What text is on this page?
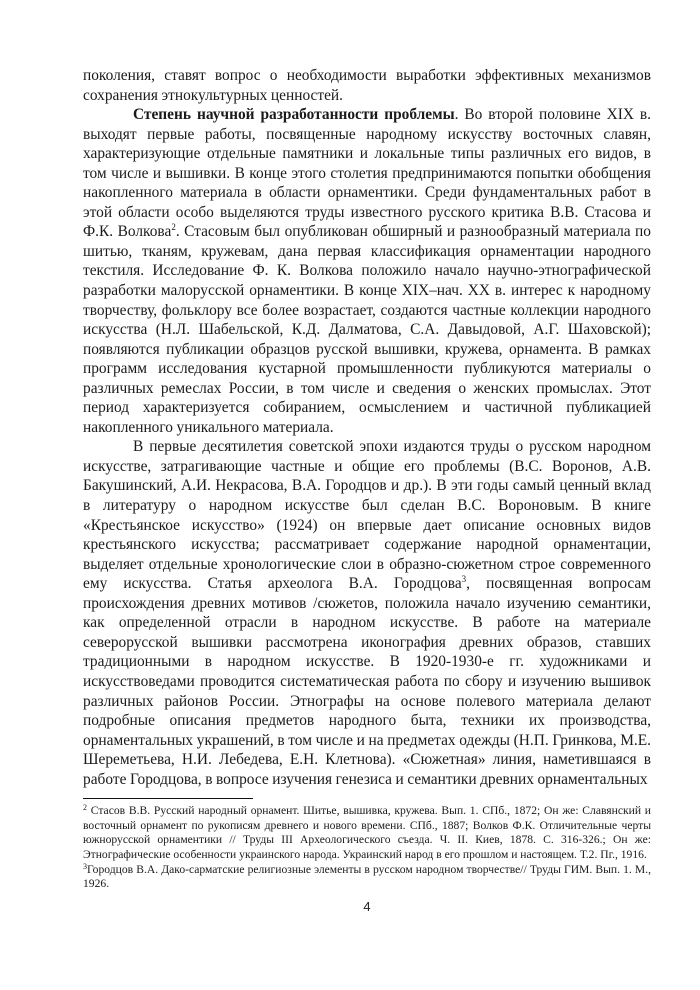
поколения, ставят вопрос о необходимости выработки эффективных механизмов сохранения этнокультурных ценностей.

Степень научной разработанности проблемы. Во второй половине XIX в. выходят первые работы, посвященные народному искусству восточных славян, характеризующие отдельные памятники и локальные типы различных его видов, в том числе и вышивки. В конце этого столетия предпринимаются попытки обобщения накопленного материала в области орнаментики. Среди фундаментальных работ в этой области особо выделяются труды известного русского критика В.В. Стасова и Ф.К. Волкова$^2$. Стасовым был опубликован обширный и разнообразный материала по шитью, тканям, кружевам, дана первая классификация орнаментации народного текстиля. Исследование Ф. К. Волкова положило начало научно-этнографической разработки малорусской орнаментики. В конце XIX–нач. XX в. интерес к народному творчеству, фольклору все более возрастает, создаются частные коллекции народного искусства (Н.Л. Шабельской, К.Д. Далматова, С.А. Давыдовой, А.Г. Шаховской); появляются публикации образцов русской вышивки, кружева, орнамента. В рамках программ исследования кустарной промышленности публикуются материалы о различных ремеслах России, в том числе и сведения о женских промыслах. Этот период характеризуется собиранием, осмыслением и частичной публикацией накопленного уникального материала.

В первые десятилетия советской эпохи издаются труды о русском народном искусстве, затрагивающие частные и общие его проблемы (В.С. Воронов, А.В. Бакушинский, А.И. Некрасова, В.А. Городцов и др.). В эти годы самый ценный вклад в литературу о народном искусстве был сделан В.С. Вороновым. В книге «Крестьянское искусство» (1924) он впервые дает описание основных видов крестьянского искусства; рассматривает содержание народной орнаментации, выделяет отдельные хронологические слои в образно-сюжетном строе современного ему искусства. Статья археолога В.А. Городцова$^3$, посвященная вопросам происхождения древних мотивов /сюжетов, положила начало изучению семантики, как определенной отрасли в народном искусстве. В работе на материале северорусской вышивки рассмотрена иконография древних образов, ставших традиционными в народном искусстве. В 1920-1930-е гг. художниками и искусствоведами проводится систематическая работа по сбору и изучению вышивок различных районов России. Этнографы на основе полевого материала делают подробные описания предметов народного быта, техники их производства, орнаментальных украшений, в том числе и на предметах одежды (Н.П. Гринкова, М.Е. Шереметьева, Н.И. Лебедева, Е.Н. Клетнова). «Сюжетная» линия, наметившаяся в работе Городцова, в вопросе изучения генезиса и семантики древних орнаментальных

$^2$ Стасов В.В. Русский народный орнамент. Шитье, вышивка, кружева. Вып. 1. СПб., 1872; Он же: Славянский и восточный орнамент по рукописям древнего и нового времени. СПб., 1887; Волков Ф.К. Отличительные черты южнорусской орнаментики // Труды III Археологического съезда. Ч. II. Киев, 1878. С. 316-326.; Он же: Этнографические особенности украинского народа. Украинский народ в его прошлом и настоящем. Т.2. Пг., 1916.

$^3$Городцов В.А. Дако-сарматские религиозные элементы в русском народном творчестве// Труды ГИМ. Вып. 1. М., 1926.

4
